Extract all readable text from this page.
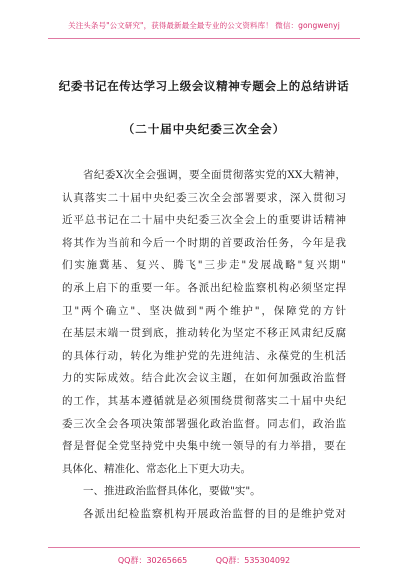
关注头条号"公文研究"，获得最新最全最专业的公文资料库！ 微信：gongwenyj
纪委书记在传达学习上级会议精神专题会上的总结讲话
（二十届中央纪委三次全会）
省纪委X次全会强调，要全面贯彻落实党的XX大精神，
认真落实二十届中央纪委三次全会部署要求，深入贯彻习
近平总书记在二十届中央纪委三次全会上的重要讲话精神
将其作为当前和今后一个时期的首要政治任务，今年是我
们实施冀基、复兴、腾飞"三步走"发展战略"复兴期"
的承上启下的重要一年。各派出纪检监察机构必须坚定捍
卫"两个确立"、坚决做到"两个维护"，保障党的方针
在基层末端一贯到底，推动转化为坚定不移正风肃纪反腐
的具体行动，转化为维护党的先进纯洁、永葆党的生机活
力的实际成效。结合此次会议主题，在如何加强政治监督
的工作，其基本遵循就是必须围绕贯彻落实二十届中央纪
委三次全会各项决策部署强化政治监督。同志们，政治监
督是督促全党坚持党中央集中统一领导的有力举措，要在
具体化、精准化、常态化上下更大功夫。
一、推进政治监督具体化，要做"实"。
各派出纪检监察机构开展政治监督的目的是维护党对
QQ群：30265665	QQ群：535304092
